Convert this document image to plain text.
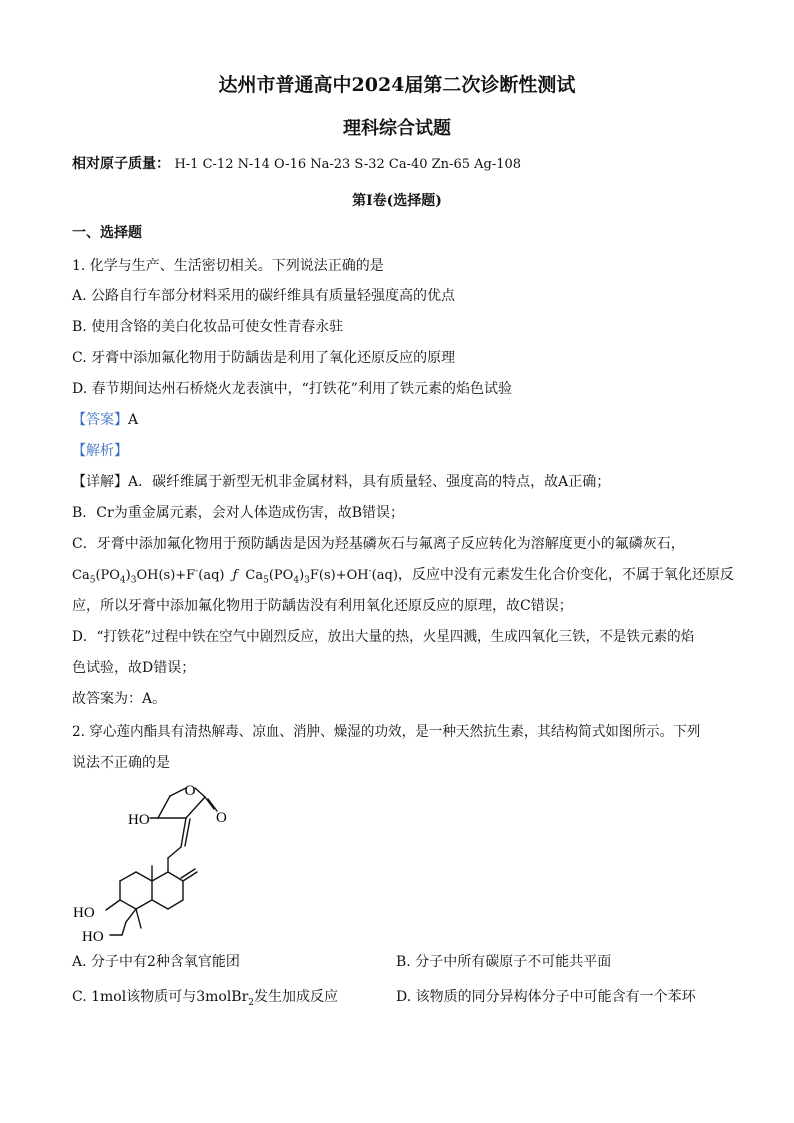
达州市普通高中2024届第二次诊断性测试
理科综合试题
相对原子质量： H-1 C-12 N-14 O-16 Na-23 S-32 Ca-40 Zn-65 Ag-108
第I卷(选择题)
一、选择题
1. 化学与生产、生活密切相关。下列说法正确的是
A. 公路自行车部分材料采用的碳纤维具有质量轻强度高的优点
B. 使用含铬的美白化妆品可使女性青春永驻
C. 牙膏中添加氟化物用于防龋齿是利用了氧化还原反应的原理
D. 春节期间达州石桥烧火龙表演中，“打铁花”利用了铁元素的焰色试验
【答案】A
【解析】
【详解】A．碳纤维属于新型无机非金属材料，具有质量轻、强度高的特点，故A正确；
B．Cr为重金属元素，会对人体造成伤害，故B错误；
C．牙膏中添加氟化物用于预防龋齿是因为羟基磷灰石与氟离子反应转化为溶解度更小的氟磷灰石，
$Ca_5(PO_4)_3OH(s)+F^-(aq)$ ƒ $Ca_5(PO_4)_3F(s)+OH^-(aq)$，反应中没有元素发生化合价变化，不属于氧化还原反
应，所以牙膏中添加氟化物用于防龋齿没有利用氧化还原反应的原理，故C错误；
D．“打铁花”过程中铁在空气中剧烈反应，放出大量的热，火星四溅，生成四氧化三铁，不是铁元素的焰
色试验，故D错误；
故答案为：A。
2. 穿心莲内酯具有清热解毒、凉血、消肿、燥湿的功效，是一种天然抗生素，其结构简式如图所示。下列
说法不正确的是
O
O
HO
HO
HO
A. 分子中有2种含氧官能团	B. 分子中所有碳原子不可能共平面
C. 1mol该物质可与3molBr$_2$发生加成反应	D. 该物质的同分异构体分子中可能含有一个苯环
